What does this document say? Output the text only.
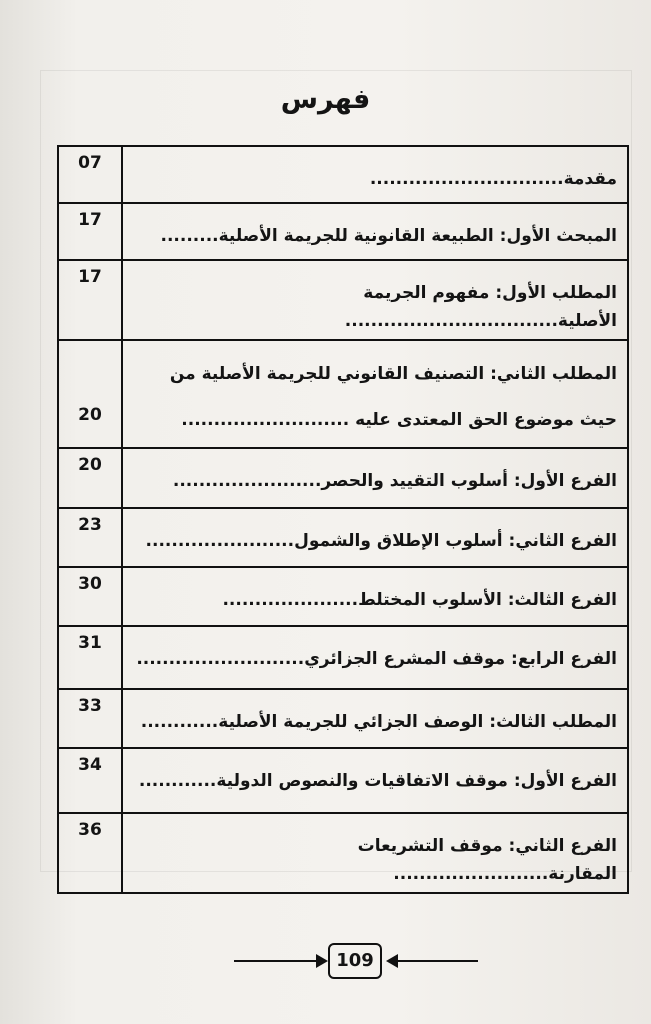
فهرس
07	مقدمة..............................
17	المبحث الأول: الطبيعة القانونية للجريمة الأصلية.........
17	المطلب الأول: مفهوم الجريمة الأصلية.................................
20	المطلب الثاني: التصنيف القانوني للجريمة الأصلية من حيث موضوع الحق المعتدى عليه ..........................
20	الفرع الأول: أسلوب التقييد والحصر.......................
23	الفرع الثاني: أسلوب الإطلاق والشمول.......................
30	الفرع الثالث: الأسلوب المختلط.....................
31	الفرع الرابع: موقف المشرع الجزائري..........................
33	المطلب الثالث: الوصف الجزائي للجريمة الأصلية............
34	الفرع الأول: موقف الاتفاقيات والنصوص الدولية............
36	الفرع الثاني: موقف التشريعات المقارنة........................
109
